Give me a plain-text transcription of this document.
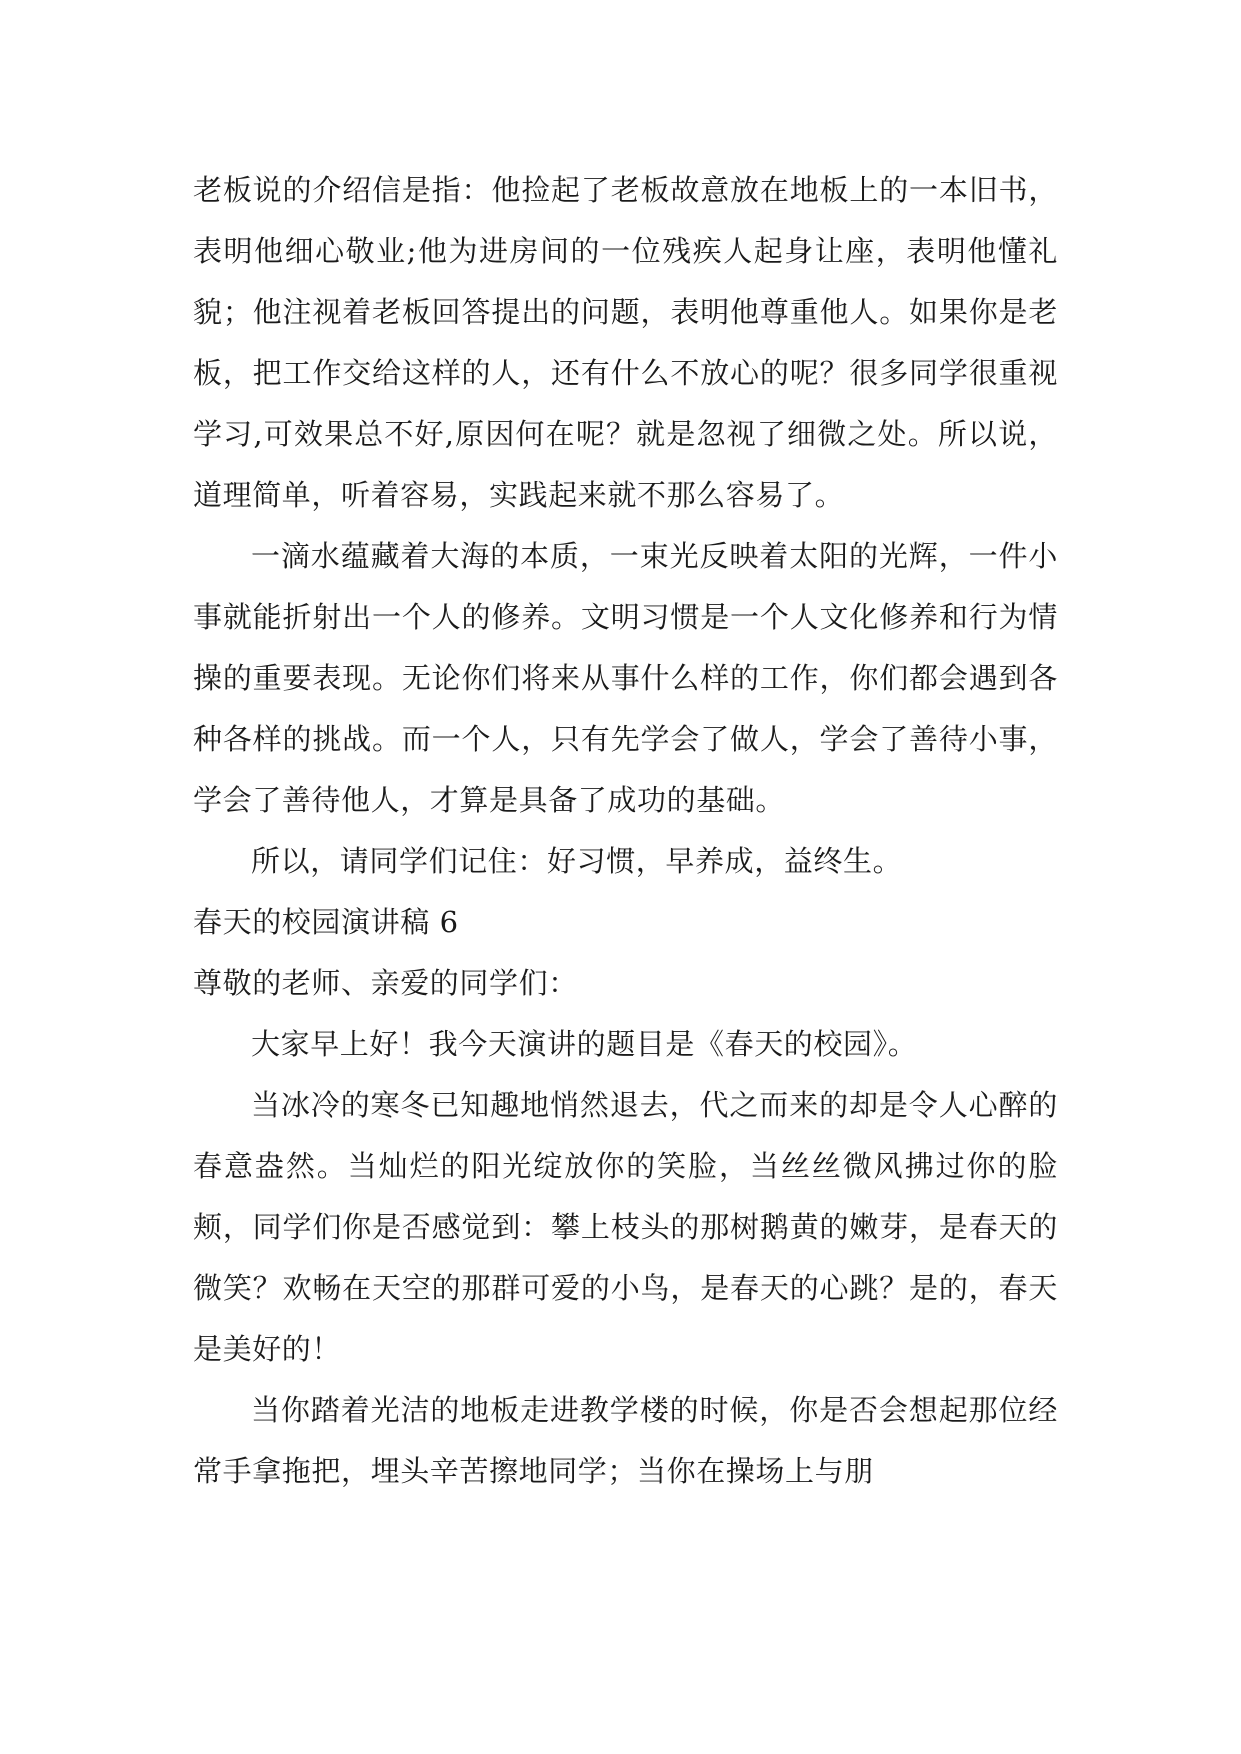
老板说的介绍信是指：他捡起了老板故意放在地板上的一本旧书，表明他细心敬业;他为进房间的一位残疾人起身让座，表明他懂礼貌；他注视着老板回答提出的问题，表明他尊重他人。如果你是老板，把工作交给这样的人，还有什么不放心的呢？很多同学很重视学习,可效果总不好,原因何在呢？就是忽视了细微之处。所以说，道理简单，听着容易，实践起来就不那么容易了。

一滴水蕴藏着大海的本质，一束光反映着太阳的光辉，一件小事就能折射出一个人的修养。文明习惯是一个人文化修养和行为情操的重要表现。无论你们将来从事什么样的工作，你们都会遇到各种各样的挑战。而一个人，只有先学会了做人，学会了善待小事，学会了善待他人，才算是具备了成功的基础。

所以，请同学们记住：好习惯，早养成，益终生。

春天的校园演讲稿 6

尊敬的老师、亲爱的同学们：

大家早上好！我今天演讲的题目是《春天的校园》。

当冰冷的寒冬已知趣地悄然退去，代之而来的却是令人心醉的春意盎然。当灿烂的阳光绽放你的笑脸，当丝丝微风拂过你的脸颊，同学们你是否感觉到：攀上枝头的那树鹅黄的嫩芽，是春天的微笑？欢畅在天空的那群可爱的小鸟，是春天的心跳？是的，春天是美好的！

当你踏着光洁的地板走进教学楼的时候，你是否会想起那位经常手拿拖把，埋头辛苦擦地同学；当你在操场上与朋
